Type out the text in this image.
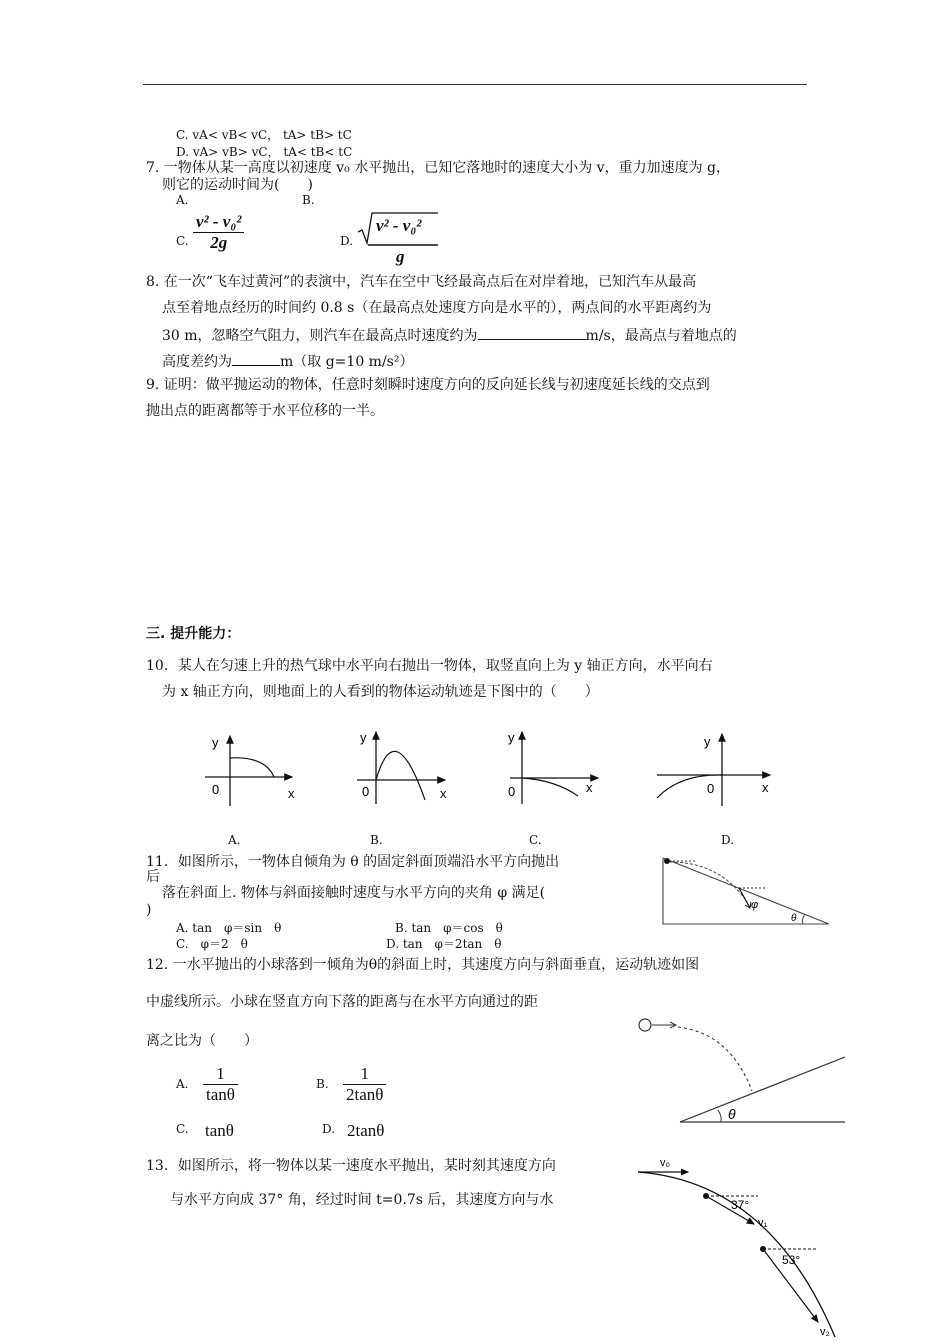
C. vA< vB< vC， tA> tB> tC
D. vA> vB> vC， tA< tB< tC
7. 一物体从某一高度以初速度 v₀ 水平抛出，已知它落地时的速度大小为 v，重力加速度为 g，
则它的运动时间为(　　)
A.	B.
C. $\frac{\text{v² - v₀²}}{2g}$	D.
v² - v₀²
g
8. 在一次“飞车过黄河”的表演中，汽车在空中飞经最高点后在对岸着地，已知汽车从最高
点至着地点经历的时间约 0.8 s（在最高点处速度方向是水平的），两点间的水平距离约为
30 m，忽略空气阻力，则汽车在最高点时速度约为	m/s，最高点与着地点的
高度差约为	m（取 g=10 m/s²）
9. 证明：做平抛运动的物体，任意时刻瞬时速度方向的反向延长线与初速度延长线的交点到
抛出点的距离都等于水平位移的一半。
三. 提升能力：
10．某人在匀速上升的热气球中水平向右抛出一物体，取竖直向上为 y 轴正方向，水平向右
为 x 轴正方向，则地面上的人看到的物体运动轨迹是下图中的（　　）
y
0	x
y
0	x
y
0	x
y
0	x
A.	B.	C.	D.
11．如图所示，一物体自倾角为 θ 的固定斜面顶端沿水平方向抛出
后
落在斜面上. 物体与斜面接触时速度与水平方向的夹角 φ 满足(
)
A. tan　φ＝sin　θ	B. tan　φ＝cos　θ
C.　φ＝2　θ	D. tan　φ＝2tan　θ
φ
θ
12. 一水平抛出的小球落到一倾角为θ的斜面上时，其速度方向与斜面垂直，运动轨迹如图
中虚线所示。小球在竖直方向下落的距离与在水平方向通过的距
离之比为（　　）
A. $\frac{1}{\tan\theta}$	B. $\frac{1}{2\tan\theta}$
C. tanθ	D. 2tanθ
θ
13．如图所示，将一物体以某一速度水平抛出，某时刻其速度方向
与水平方向成 37° 角，经过时间 t=0.7s 后，其速度方向与水
v₀
37°
v₁
53°
v₂
